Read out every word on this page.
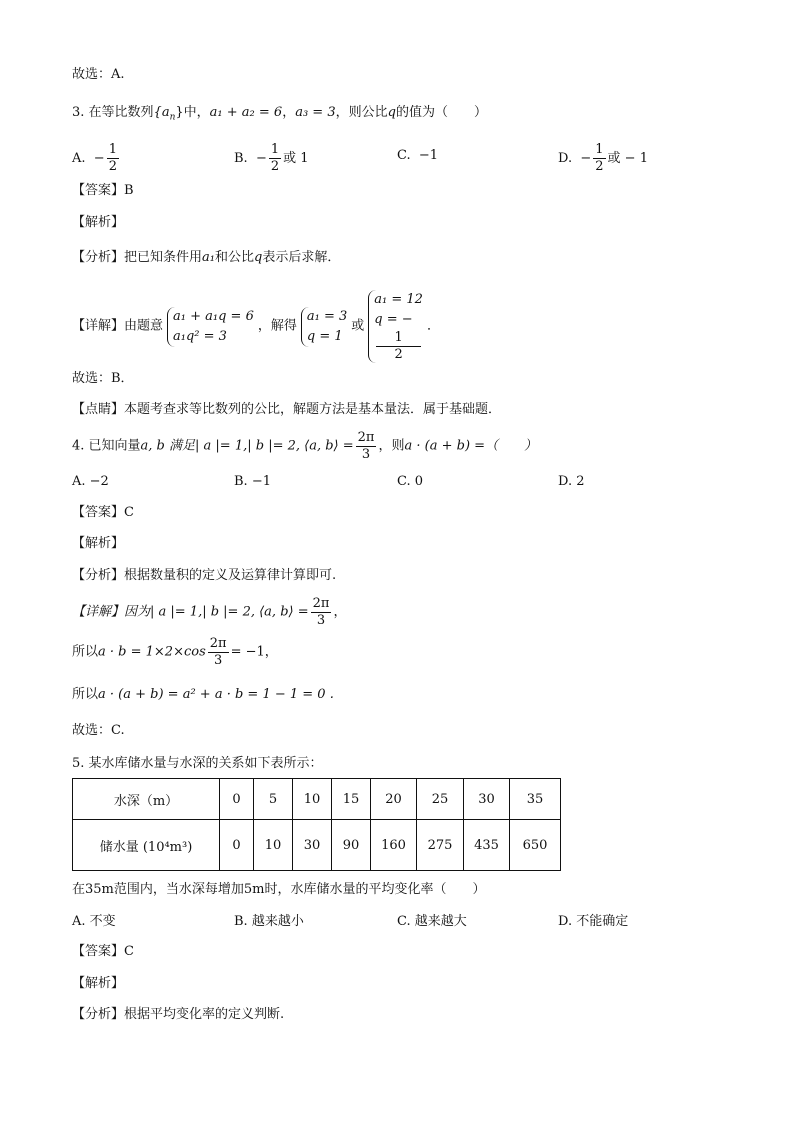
故选：A.
3. 在等比数列$\{a_n\}$中，a₁ + a₂ = 6，a₃ = 3，则公比q的值为（　　）
A. − $\frac{1}{2}$	B. − $\frac{1}{2}$ 或 1	C. −1	D. − $\frac{1}{2}$ 或 − 1
【答案】B
【解析】
【分析】把已知条件用a₁和公比q表示后求解．
【详解】由题意
a₁ + a₁q = 6
a₁q² = 3
，解得
a₁ = 3
q = 1
或
a₁ = 12
q = −
1
2
．
故选：B．
【点睛】本题考查求等比数列的公比，解题方法是基本量法．属于基础题．
4. 已知向量a, b 满足| a |= 1,| b |= 2, ⟨a, b⟩ = $\frac{2\pi}{3}$ ，则a · (a + b) =（　　）
A. −2	B. −1	C. 0	D. 2
【答案】C
【解析】
【分析】根据数量积的定义及运算律计算即可.
【详解】因为| a |= 1,| b |= 2, ⟨a, b⟩ = $\frac{2\pi}{3}$ ，
所以$a \cdot b = 1\times 2\times\cos \frac{2\pi}{3} = -1$，
所以a · (a + b) = a² + a · b = 1 − 1 = 0 .
故选：C.
5. 某水库储水量与水深的关系如下表所示：
水深（m）	0	5	10	15	20	25	30	35
储水量 (10⁴m³)	0	10	30	90	160	275	435	650
在35m范围内，当水深每增加5m时，水库储水量的平均变化率（　　）
A. 不变	B. 越来越小	C. 越来越大	D. 不能确定
【答案】C
【解析】
【分析】根据平均变化率的定义判断.
